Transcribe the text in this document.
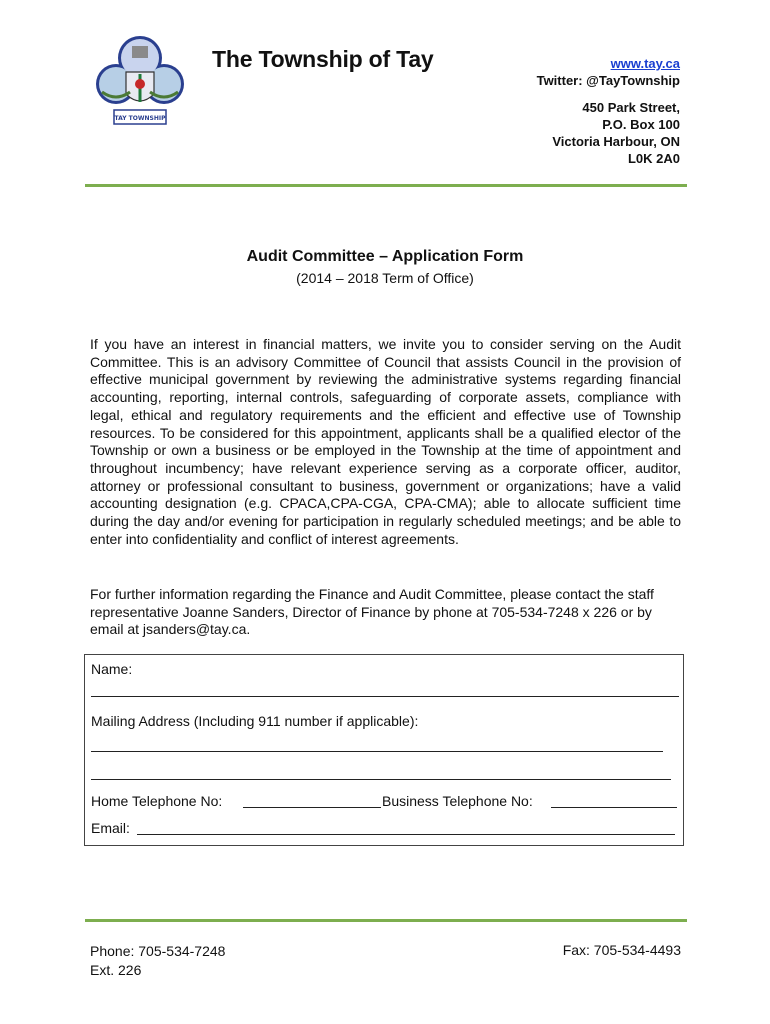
TAY TOWNSHIP
The Township of Tay	www.tay.ca
Twitter: @TayTownship
450 Park Street,
P.O. Box 100
Victoria Harbour, ON
L0K 2A0
Audit Committee – Application Form
(2014 – 2018 Term of Office)
If you have an interest in financial matters, we invite you to consider serving on the Audit Committee. This is an advisory Committee of Council that assists Council in the provision of effective municipal government by reviewing the administrative systems regarding financial accounting, reporting, internal controls, safeguarding of corporate assets, compliance with legal, ethical and regulatory requirements and the efficient and effective use of Township resources. To be considered for this appointment, applicants shall be a qualified elector of the Township or own a business or be employed in the Township at the time of appointment and throughout incumbency; have relevant experience serving as a corporate officer, auditor, attorney or professional consultant to business, government or organizations; have a valid accounting designation (e.g. CPACA,CPA-CGA, CPA-CMA); able to allocate sufficient time during the day and/or evening for participation in regularly scheduled meetings; and be able to enter into confidentiality and conflict of interest agreements.
For further information regarding the Finance and Audit Committee, please contact the staff representative Joanne Sanders, Director of Finance by phone at 705-534-7248 x 226 or by email at jsanders@tay.ca.
Name:
Mailing Address (Including 911 number if applicable):
Home Telephone No:	Business Telephone No:
Email:
Phone: 705-534-7248
Ext. 226
Fax: 705-534-4493
